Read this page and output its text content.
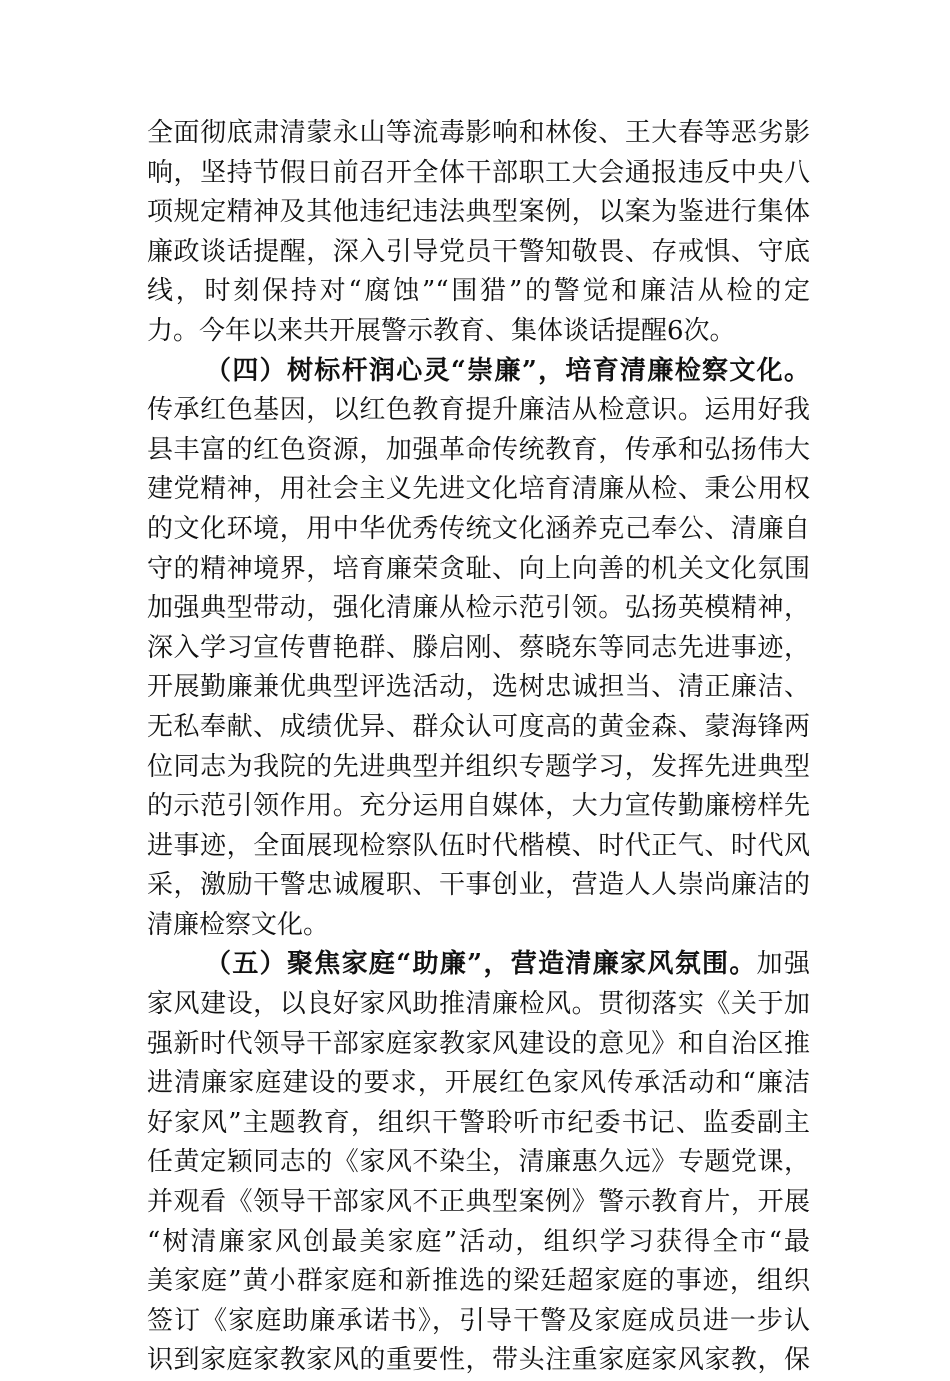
全面彻底肃清蒙永山等流毒影响和林俊、王大春等恶劣影
响，坚持节假日前召开全体干部职工大会通报违反中央八
项规定精神及其他违纪违法典型案例，以案为鉴进行集体
廉政谈话提醒，深入引导党员干警知敬畏、存戒惧、守底
线，时刻保持对“腐蚀”“围猎”的警觉和廉洁从检的定
力。今年以来共开展警示教育、集体谈话提醒6次。
（四）树标杆润心灵“崇廉”，培育清廉检察文化。
传承红色基因，以红色教育提升廉洁从检意识。运用好我
县丰富的红色资源，加强革命传统教育，传承和弘扬伟大
建党精神，用社会主义先进文化培育清廉从检、秉公用权
的文化环境，用中华优秀传统文化涵养克己奉公、清廉自
守的精神境界，培育廉荣贪耻、向上向善的机关文化氛围
加强典型带动，强化清廉从检示范引领。弘扬英模精神，
深入学习宣传曹艳群、滕启刚、蔡晓东等同志先进事迹，
开展勤廉兼优典型评选活动，选树忠诚担当、清正廉洁、
无私奉献、成绩优异、群众认可度高的黄金森、蒙海锋两
位同志为我院的先进典型并组织专题学习，发挥先进典型
的示范引领作用。充分运用自媒体，大力宣传勤廉榜样先
进事迹，全面展现检察队伍时代楷模、时代正气、时代风
采，激励干警忠诚履职、干事创业，营造人人崇尚廉洁的
清廉检察文化。
（五）聚焦家庭“助廉”，营造清廉家风氛围。加强
家风建设，以良好家风助推清廉检风。贯彻落实《关于加
强新时代领导干部家庭家教家风建设的意见》和自治区推
进清廉家庭建设的要求，开展红色家风传承活动和“廉洁
好家风”主题教育，组织干警聆听市纪委书记、监委副主
任黄定颖同志的《家风不染尘，清廉惠久远》专题党课，
并观看《领导干部家风不正典型案例》警示教育片，开展
“树清廉家风创最美家庭”活动，组织学习获得全市“最
美家庭”黄小群家庭和新推选的梁廷超家庭的事迹，组织
签订《家庭助廉承诺书》，引导干警及家庭成员进一步认
识到家庭家教家风的重要性，带头注重家庭家风家教，保
